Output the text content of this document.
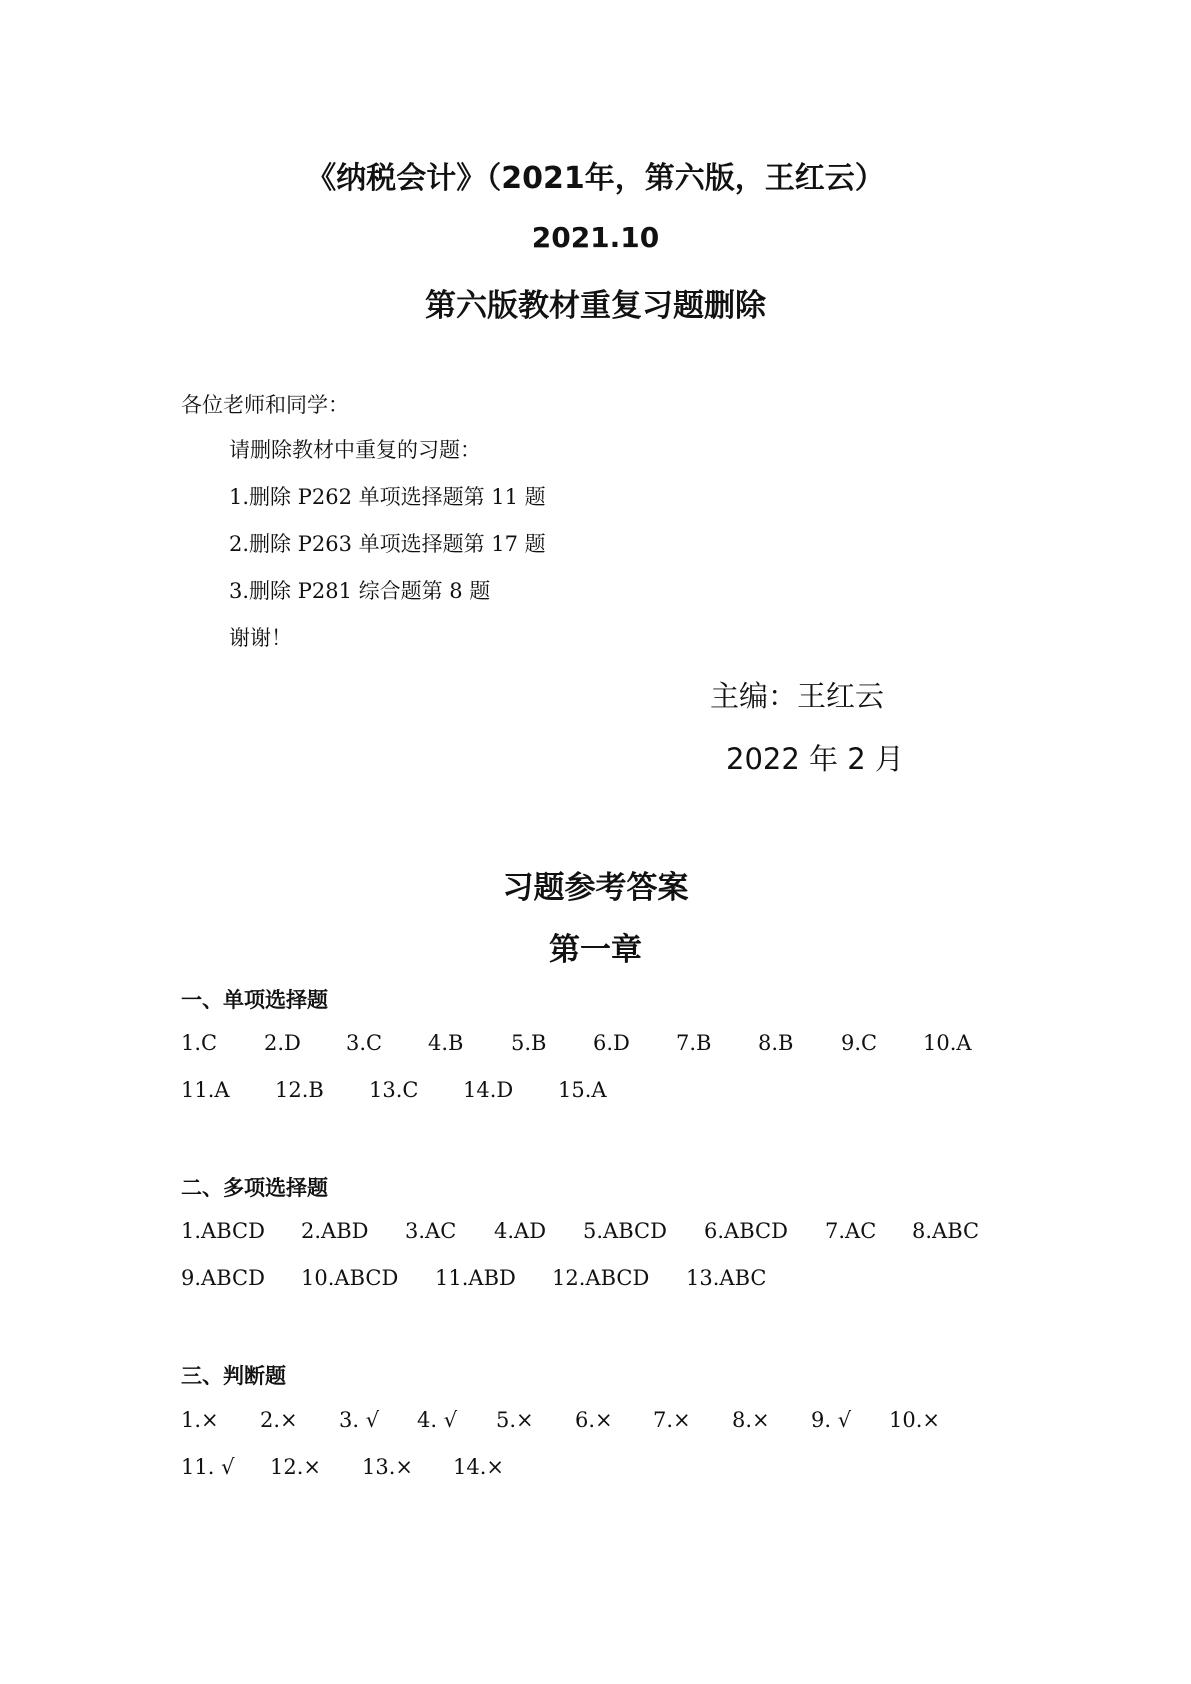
《纳税会计》（2021年，第六版，王红云）
2021.10
第六版教材重复习题删除
各位老师和同学：
请删除教材中重复的习题：
1.删除 P262 单项选择题第 11 题
2.删除 P263 单项选择题第 17 题
3.删除 P281 综合题第 8 题
谢谢！
主编：王红云
2022 年 2 月
习题参考答案
第一章
一、单项选择题
1.C 2.D 3.C 4.B 5.B 6.D 7.B 8.B 9.C 10.A
11.A 12.B 13.C 14.D 15.A
二、多项选择题
1.ABCD 2.ABD 3.AC 4.AD 5.ABCD 6.ABCD 7.AC 8.ABC
9.ABCD 10.ABCD 11.ABD 12.ABCD 13.ABC
三、判断题
1.× 2.× 3. √ 4. √ 5.× 6.× 7.× 8.× 9. √ 10.×
11. √ 12.× 13.× 14.×
